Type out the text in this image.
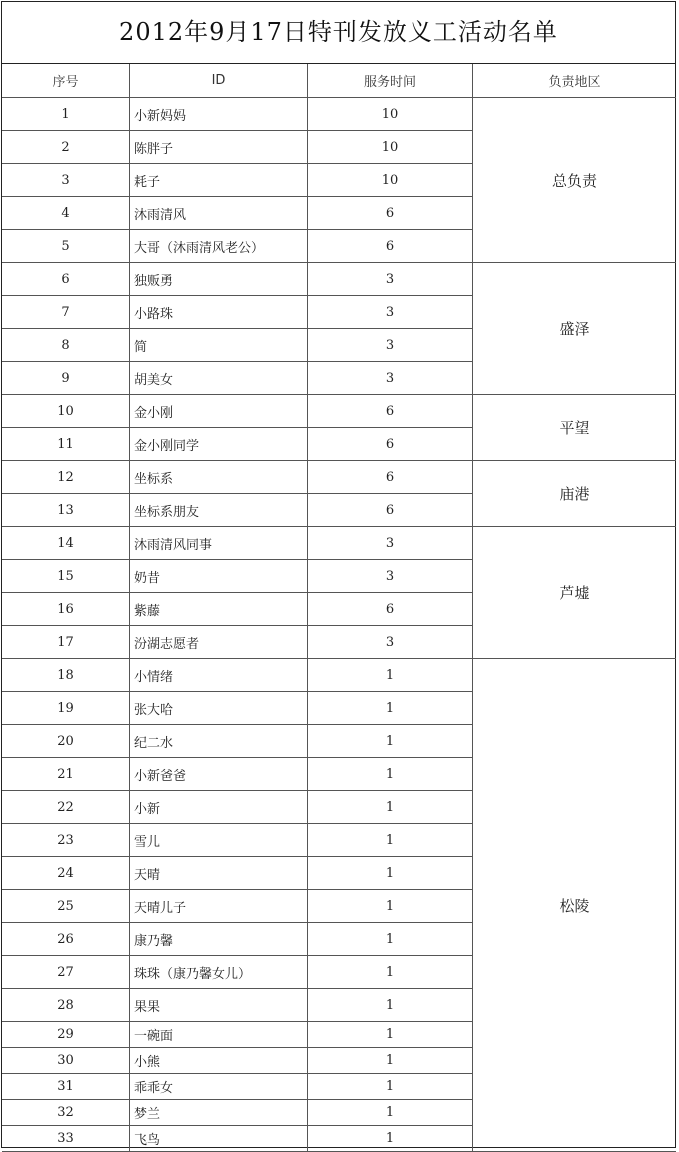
2012年9月17日特刊发放义工活动名单
序号	ID	服务时间	负责地区
1	小新妈妈	10	总负责
2	陈胖子	10	
3	耗子	10	
4	沐雨清风	6	
5	大哥（沐雨清风老公）	6	
6	独贩勇	3	盛泽
7	小路珠	3	
8	简	3	
9	胡美女	3	
10	金小刚	6	平望
11	金小刚同学	6	
12	坐标系	6	庙港
13	坐标系朋友	6	
14	沐雨清风同事	3	芦墟
15	奶昔	3	
16	紫藤	6	
17	汾湖志愿者	3	
18	小情绪	1	松陵
19	张大哈	1	
20	纪二水	1	
21	小新爸爸	1	
22	小新	1	
23	雪儿	1	
24	天晴	1	
25	天晴儿子	1	
26	康乃馨	1	
27	珠珠（康乃馨女儿）	1	
28	果果	1	
29	一碗面	1	
30	小熊	1	
31	乖乖女	1	
32	梦兰	1	
33	飞鸟	1	
